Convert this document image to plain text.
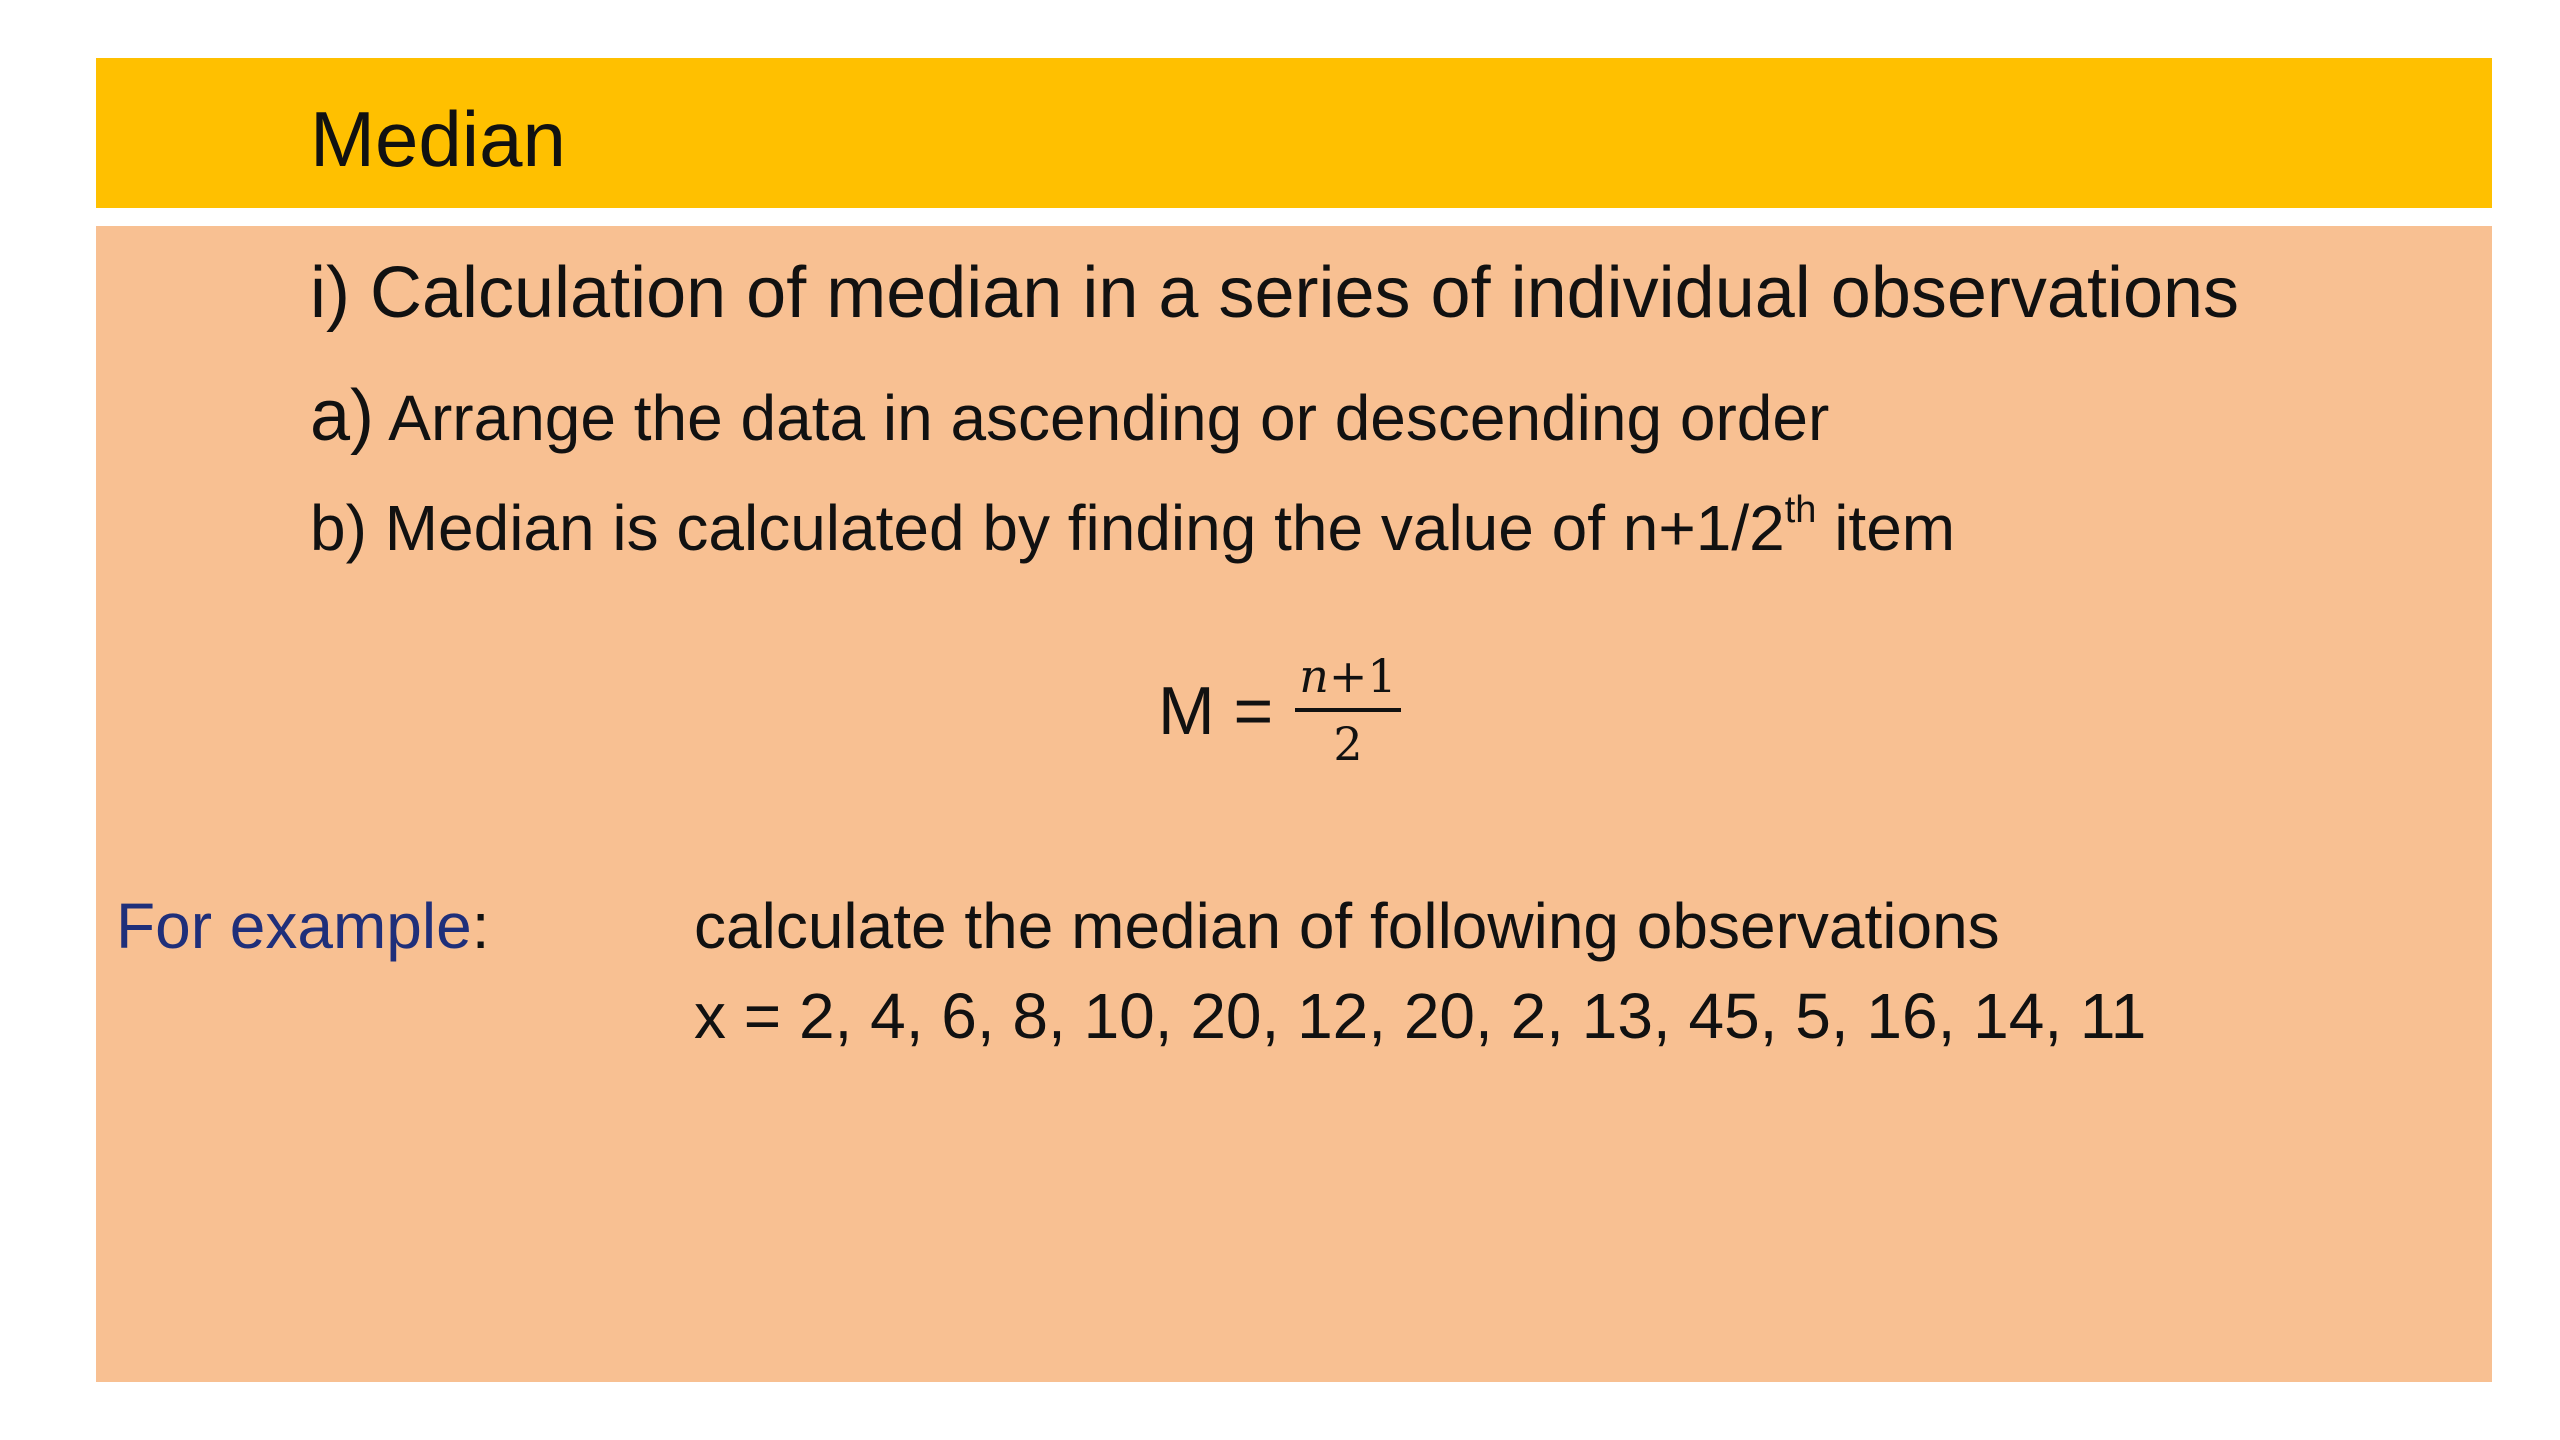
Median
i) Calculation of median in a series of individual observations
a) Arrange the data in ascending or descending order
b) Median is calculated by finding the value of n+1/2th item
$M = \frac{n+1}{2}$
For example:	calculate the median of following observations
x = 2, 4, 6, 8, 10, 20, 12, 20, 2, 13, 45, 5, 16, 14, 11
